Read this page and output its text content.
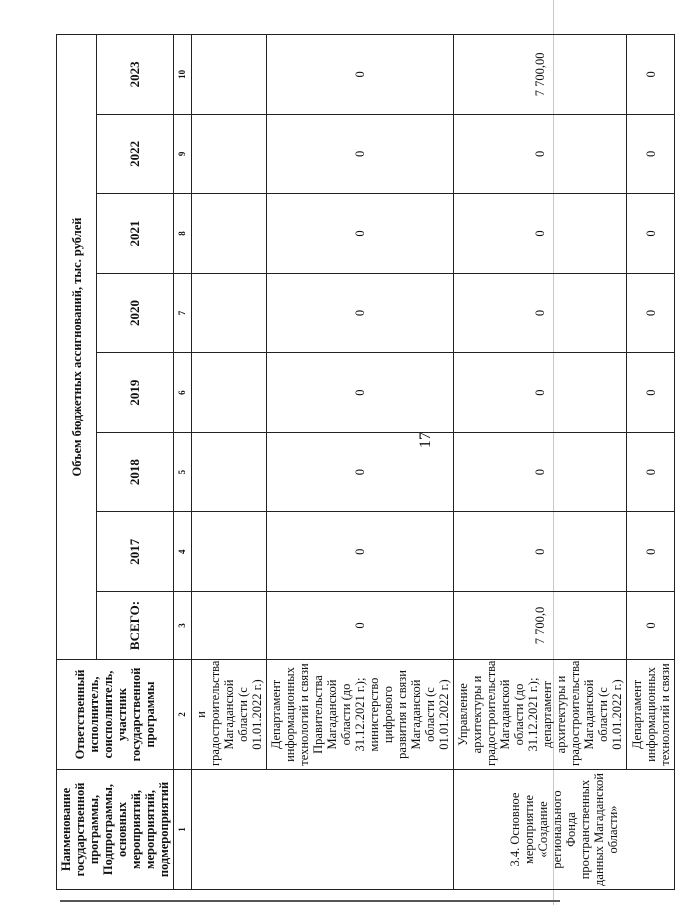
17
Наименование государственной программы, Подпрограммы, основных мероприятий, мероприятий, подмероприятий	Ответственный исполнитель, соисполнитель, участник государственной программы	Объем бюджетных ассигнований, тыс. рублей							
		ВСЕГО:	2017	2018	2019	2020	2021	2022	2023
1	2	3	4	5	6	7	8	9	10
	и градостроительства Магаданской области (с 01.01.2022 г.)								
	Департамент информационных технологий и связи Правительства Магаданской области (до 31.12.2021 г.); министерство цифрового развития и связи Магаданской области (с 01.01.2022 г.)	0	0	0	0	0	0	0	0
3.4. Основное мероприятие «Создание регионального Фонда пространственных данных Магаданской области»	Управление архитектуры и градостроительства Магаданской области (до 31.12.2021 г.); департамент архитектуры и градостроительства Магаданской области (с 01.01.2022 г.)	7 700,0	0	0	0	0	0	0	7 700,00
	Департамент информационных технологий и связи	0	0	0	0	0	0	0	0
